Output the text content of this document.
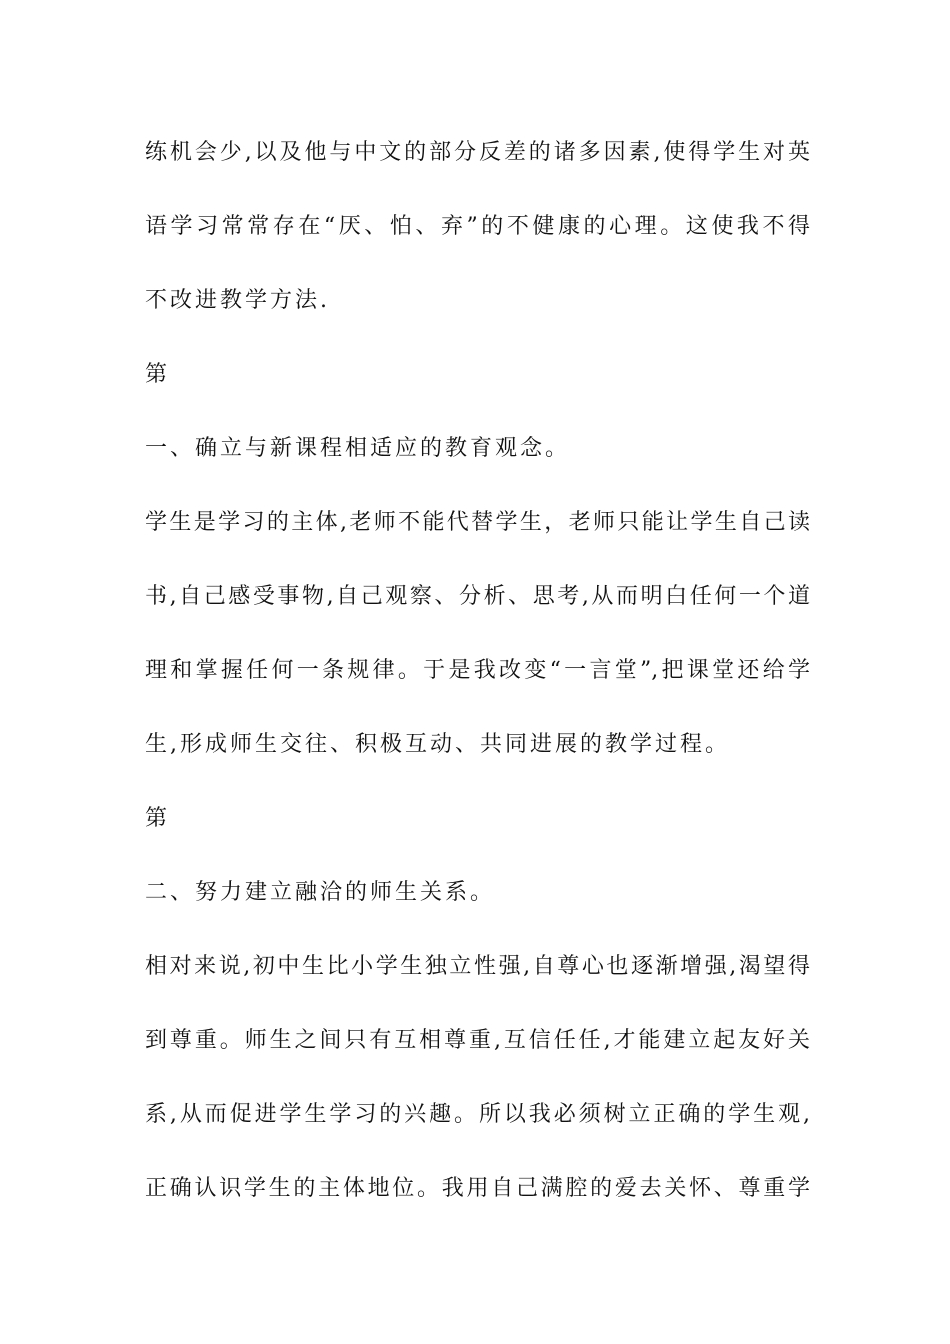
练机会少,以及他与中文的部分反差的诸多因素,使得学生对英
语学习常常存在“厌、怕、弃”的不健康的心理。这使我不得
不改进教学方法.
第
一、确立与新课程相适应的教育观念。
学生是学习的主体,老师不能代替学生，老师只能让学生自己读
书,自己感受事物,自己观察、分析、思考,从而明白任何一个道
理和掌握任何一条规律。于是我改变“一言堂”,把课堂还给学
生,形成师生交往、积极互动、共同进展的教学过程。
第
二、努力建立融洽的师生关系。
相对来说,初中生比小学生独立性强,自尊心也逐渐增强,渴望得
到尊重。师生之间只有互相尊重,互信任任,才能建立起友好关
系,从而促进学生学习的兴趣。所以我必须树立正确的学生观,
正确认识学生的主体地位。我用自己满腔的爱去关怀、尊重学
